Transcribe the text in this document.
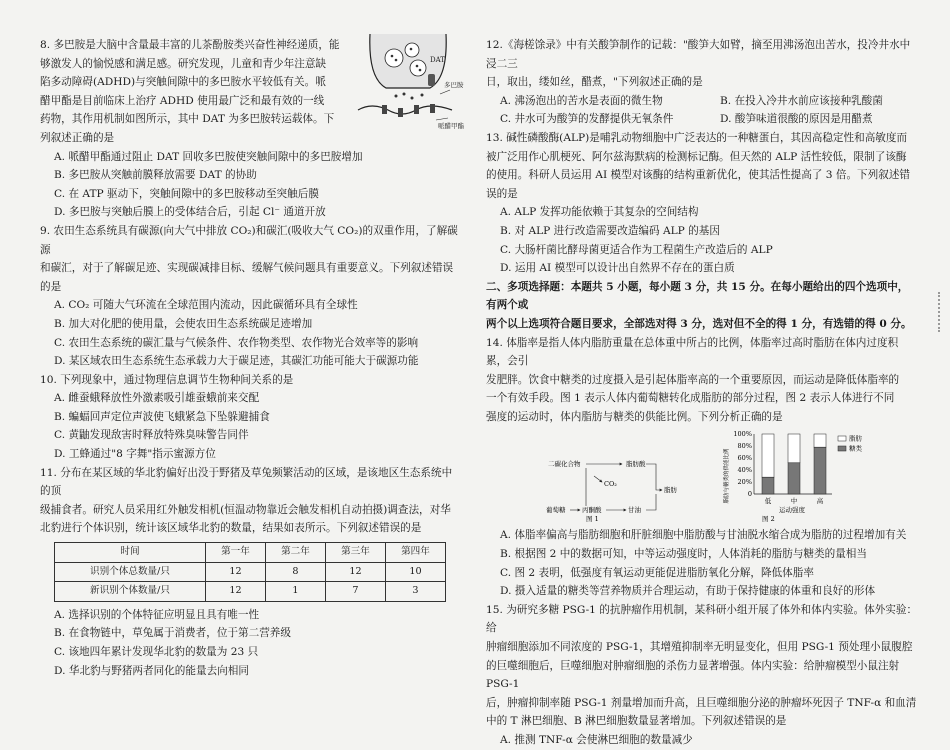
DAT
多巴胺
哌醋甲酯

8. 多巴胺是大脑中含量最丰富的儿茶酚胺类兴奋性神经递质，能

够激发人的愉悦感和满足感。研究发现，儿童和青少年注意缺

陷多动障碍(ADHD)与突触间隙中的多巴胺水平较低有关。哌

醋甲酯是目前临床上治疗 ADHD 使用最广泛和最有效的一线

药物，其作用机制如图所示，其中 DAT 为多巴胺转运载体。下

列叙述正确的是

A. 哌醋甲酯通过阻止 DAT 回收多巴胺使突触间隙中的多巴胺增加

B. 多巴胺从突触前膜释放需要 DAT 的协助

C. 在 ATP 驱动下，突触间隙中的多巴胺移动至突触后膜

D. 多巴胺与突触后膜上的受体结合后，引起 Cl⁻ 通道开放

9. 农田生态系统具有碳源(向大气中排放 CO₂)和碳汇(吸收大气 CO₂)的双重作用，了解碳源

和碳汇，对于了解碳足迹、实现碳减排目标、缓解气候问题具有重要意义。下列叙述错误的是

A. CO₂ 可随大气环流在全球范围内流动，因此碳循环具有全球性

B. 加大对化肥的使用量，会使农田生态系统碳足迹增加

C. 农田生态系统的碳汇量与气候条件、农作物类型、农作物光合效率等的影响

D. 某区域农田生态系统生态承载力大于碳足迹，其碳汇功能可能大于碳源功能

10. 下列现象中，通过物理信息调节生物种间关系的是

A. 雌蚕蛾释放性外激素吸引雄蚕蛾前来交配

B. 蝙蝠回声定位声波使飞蛾紧急下坠躲避捕食

C. 黄鼬发现敌害时释放特殊臭味警告同伴

D. 工蜂通过"8 字舞"指示蜜源方位

11. 分布在某区域的华北豹偏好出没于野猪及草兔频繁活动的区域，是该地区生态系统中的顶

级捕食者。研究人员采用红外触发相机(恒温动物靠近会触发相机自动拍摄)调查法，对华

北豹进行个体识别，统计该区域华北豹的数量，结果如表所示。下列叙述错误的是

时间	第一年	第二年	第三年	第四年
识别个体总数量/只	12	8	12	10
新识别个体数量/只	12	1	7	3

A. 选择识别的个体特征应明显且具有唯一性

B. 在食物链中，草兔属于消费者，位于第二营养级

C. 该地四年累计发现华北豹的数量为 23 只

D. 华北豹与野猪两者同化的能量去向相同

12.《海槎馀录》中有关酸笋制作的记载："酸笋大如臂，摘至用沸汤泡出苦水，投冷井水中浸二三

日，取出，缕如丝，醋煮，"下列叙述正确的是

A. 沸汤泡出的苦水是表面的微生物	B. 在投入冷井水前应该接种乳酸菌

C. 井水可为酸笋的发酵提供无氧条件	D. 酸笋味道很酸的原因是用醋煮

13. 碱性磷酸酶(ALP)是哺乳动物细胞中广泛表达的一种糖蛋白，其因高稳定性和高敏度而

被广泛用作心肌梗死、阿尔兹海默病的检测标记酶。但天然的 ALP 活性较低，限制了该酶

的使用。科研人员运用 AI 模型对该酶的结构重新优化，使其活性提高了 3 倍。下列叙述错

误的是

A. ALP 发挥功能依赖于其复杂的空间结构

B. 对 ALP 进行改造需要改造编码 ALP 的基因

C. 大肠杆菌比酵母菌更适合作为工程菌生产改造后的 ALP

D. 运用 AI 模型可以设计出自然界不存在的蛋白质

二、多项选择题：本题共 5 小题，每小题 3 分，共 15 分。在每小题给出的四个选项中，有两个或

两个以上选项符合题目要求，全部选对得 3 分，选对但不全的得 1 分，有选错的得 0 分。

14. 体脂率是指人体内脂肪重量在总体重中所占的比例，体脂率过高时脂肪在体内过度积累，会引

发肥胖。饮食中糖类的过度摄入是引起体脂率高的一个重要原因，而运动是降低体脂率的

一个有效手段。图 1 表示人体内葡萄糖转化成脂肪的部分过程，图 2 表示人体进行不同

强度的运动时，体内脂肪与糖类的供能比例。下列分析正确的是

二碳化合物	脂肪酸
CO₂
脂肪
葡萄糖	丙酮酸	甘油
图 1
脂肪与糖类的供能比例
100%
80%
60%
40%
20%
0
低	中	高
运动强度
图 2
脂肪
糖类

A. 体脂率偏高与脂肪细胞和肝脏细胞中脂肪酸与甘油脱水缩合成为脂肪的过程增加有关

B. 根据图 2 中的数据可知，中等运动强度时，人体消耗的脂肪与糖类的量相当

C. 图 2 表明，低强度有氧运动更能促进脂肪氧化分解，降低体脂率

D. 摄入适量的糖类等营养物质并合理运动，有助于保持健康的体重和良好的形体

15. 为研究多糖 PSG-1 的抗肿瘤作用机制，某科研小组开展了体外和体内实验。体外实验：给

肿瘤细胞添加不同浓度的 PSG-1，其增殖抑制率无明显变化，但用 PSG-1 预处理小鼠腹腔

的巨噬细胞后，巨噬细胞对肿瘤细胞的杀伤力显著增强。体内实验：给肿瘤模型小鼠注射 PSG-1

后，肿瘤抑制率随 PSG-1 剂量增加而升高，且巨噬细胞分泌的肿瘤坏死因子 TNF-α 和血清

中的 T 淋巴细胞、B 淋巴细胞数量显著增加。下列叙述错误的是

A. 推测 TNF-α 会使淋巴细胞的数量减少
